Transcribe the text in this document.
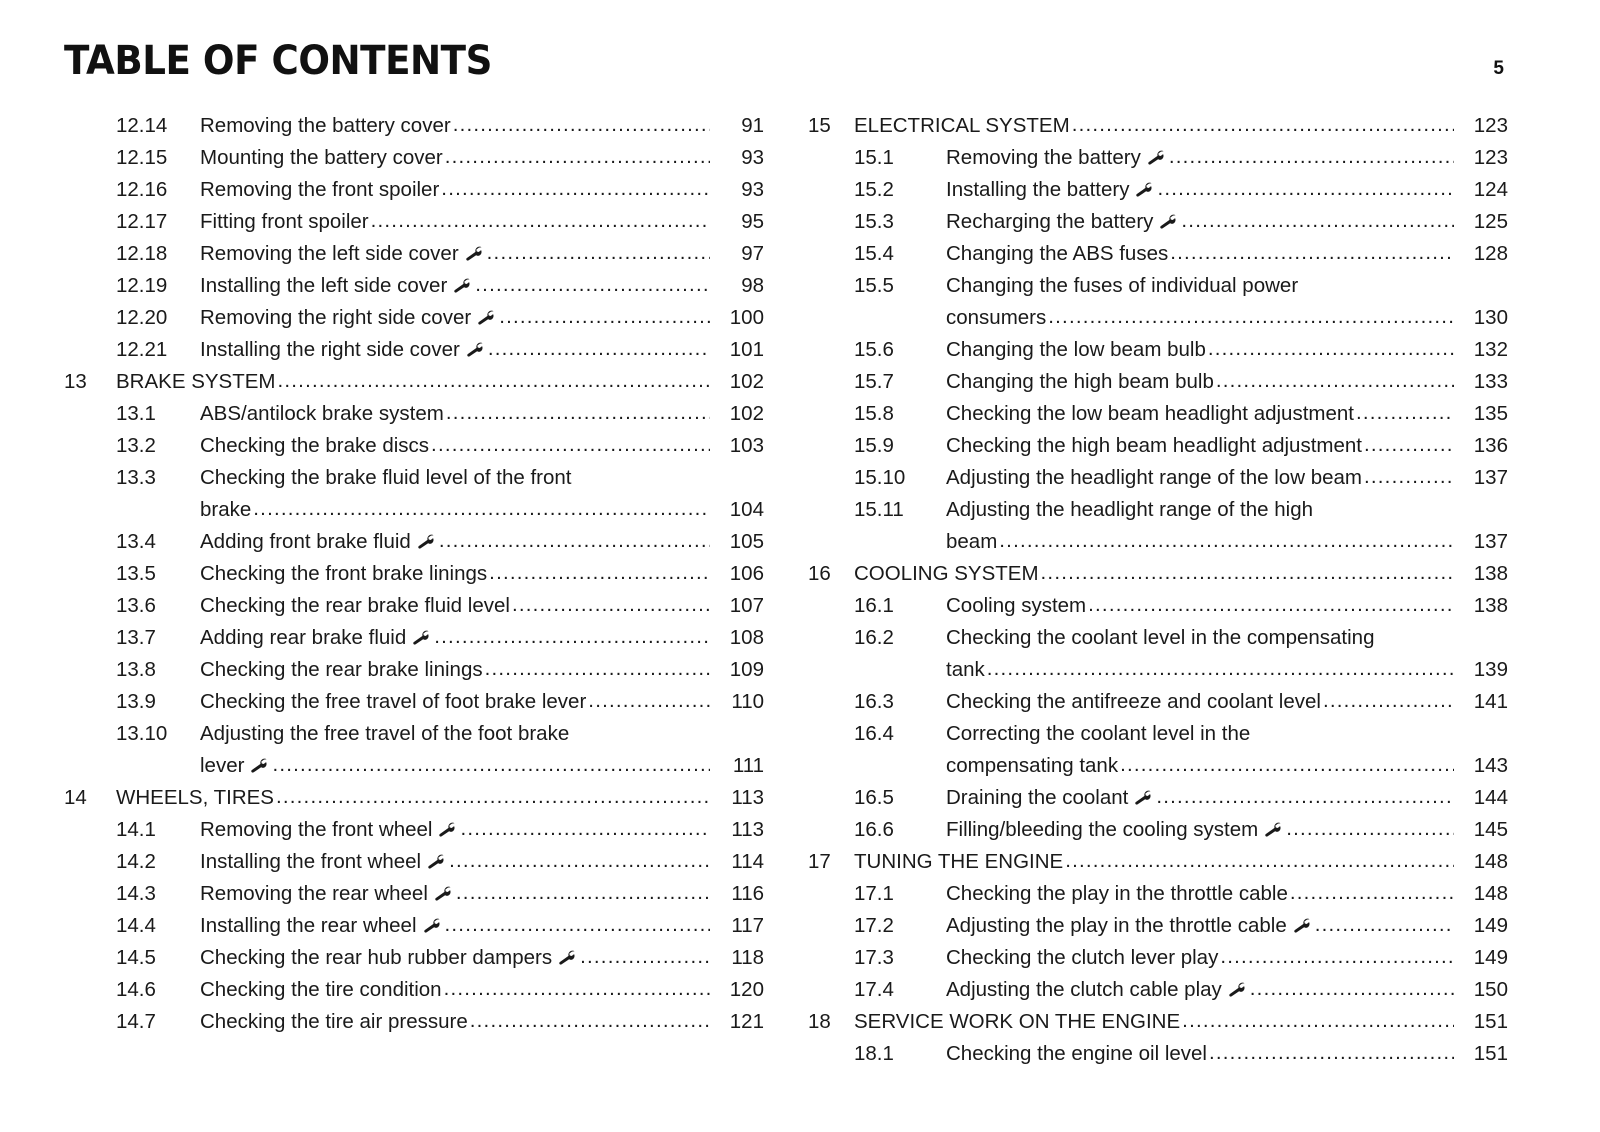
TABLE OF CONTENTS	5
12.14	Removing the battery cover .....	91
12.15	Mounting the battery cover .....	93
12.16	Removing the front spoiler .....	93
12.17	Fitting front spoiler .....	95
12.18	Removing the left side cover .....	97
12.19	Installing the left side cover .....	98
12.20	Removing the right side cover .....	100
12.21	Installing the right side cover .....	101
13	BRAKE SYSTEM .....	102
13.1	ABS/antilock brake system .....	102
13.2	Checking the brake discs .....	103
13.3	Checking the brake fluid level of the front
brake .....	104
13.4	Adding front brake fluid .....	105
13.5	Checking the front brake linings .....	106
13.6	Checking the rear brake fluid level .....	107
13.7	Adding rear brake fluid .....	108
13.8	Checking the rear brake linings .....	109
13.9	Checking the free travel of foot brake lever .....	110
13.10	Adjusting the free travel of the foot brake
lever .....	111
14	WHEELS, TIRES .....	113
14.1	Removing the front wheel .....	113
14.2	Installing the front wheel .....	114
14.3	Removing the rear wheel .....	116
14.4	Installing the rear wheel .....	117
14.5	Checking the rear hub rubber dampers .....	118
14.6	Checking the tire condition .....	120
14.7	Checking the tire air pressure .....	121
15	ELECTRICAL SYSTEM .....	123
15.1	Removing the battery .....	123
15.2	Installing the battery .....	124
15.3	Recharging the battery .....	125
15.4	Changing the ABS fuses .....	128
15.5	Changing the fuses of individual power
consumers .....	130
15.6	Changing the low beam bulb .....	132
15.7	Changing the high beam bulb .....	133
15.8	Checking the low beam headlight adjustment .....	135
15.9	Checking the high beam headlight adjustment .....	136
15.10	Adjusting the headlight range of the low beam .....	137
15.11	Adjusting the headlight range of the high
beam .....	137
16	COOLING SYSTEM .....	138
16.1	Cooling system .....	138
16.2	Checking the coolant level in the compensating
tank .....	139
16.3	Checking the antifreeze and coolant level .....	141
16.4	Correcting the coolant level in the
compensating tank .....	143
16.5	Draining the coolant .....	144
16.6	Filling/bleeding the cooling system .....	145
17	TUNING THE ENGINE .....	148
17.1	Checking the play in the throttle cable .....	148
17.2	Adjusting the play in the throttle cable .....	149
17.3	Checking the clutch lever play .....	149
17.4	Adjusting the clutch cable play .....	150
18	SERVICE WORK ON THE ENGINE .....	151
18.1	Checking the engine oil level .....	151
